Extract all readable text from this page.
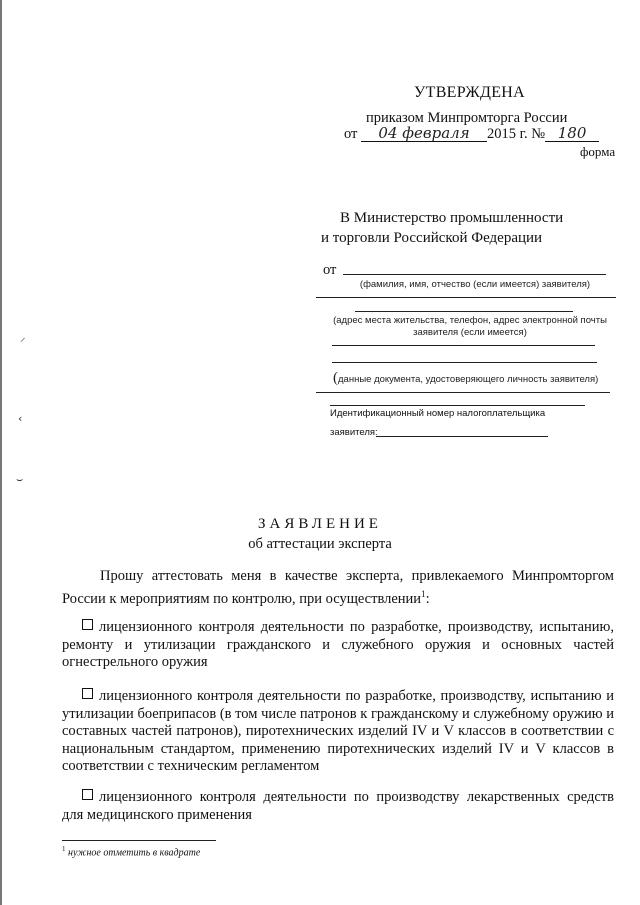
УТВЕРЖДЕНА
приказом Минпромторга России
от 04 февраля 2015 г. № 180
форма
В Министерство промышленности
и торговли Российской Федерации
от
(фамилия, имя, отчество (если имеется) заявителя)
(адрес места жительства, телефон, адрес электронной почты
заявителя (если имеется)
(данные документа, удостоверяющего личность заявителя)
Идентификационный номер налогоплательщика
заявителя:
⸝
‹
⌣
ЗАЯВЛЕНИЕ
об аттестации эксперта
Прошу аттестовать меня в качестве эксперта, привлекаемого Минпромторгом России к мероприятиям по контролю, при осуществлении$^1$:
лицензионного контроля деятельности по разработке, производству, испытанию, ремонту и утилизации гражданского и служебного оружия и основных частей огнестрельного оружия
лицензионного контроля деятельности по разработке, производству, испытанию и утилизации боеприпасов (в том числе патронов к гражданскому и служебному оружию и составных частей патронов), пиротехнических изделий IV и V классов в соответствии с национальным стандартом, применению пиротехнических изделий IV и V классов в соответствии с техническим регламентом
лицензионного контроля деятельности по производству лекарственных средств для медицинского применения
$^1$ нужное отметить в квадрате
